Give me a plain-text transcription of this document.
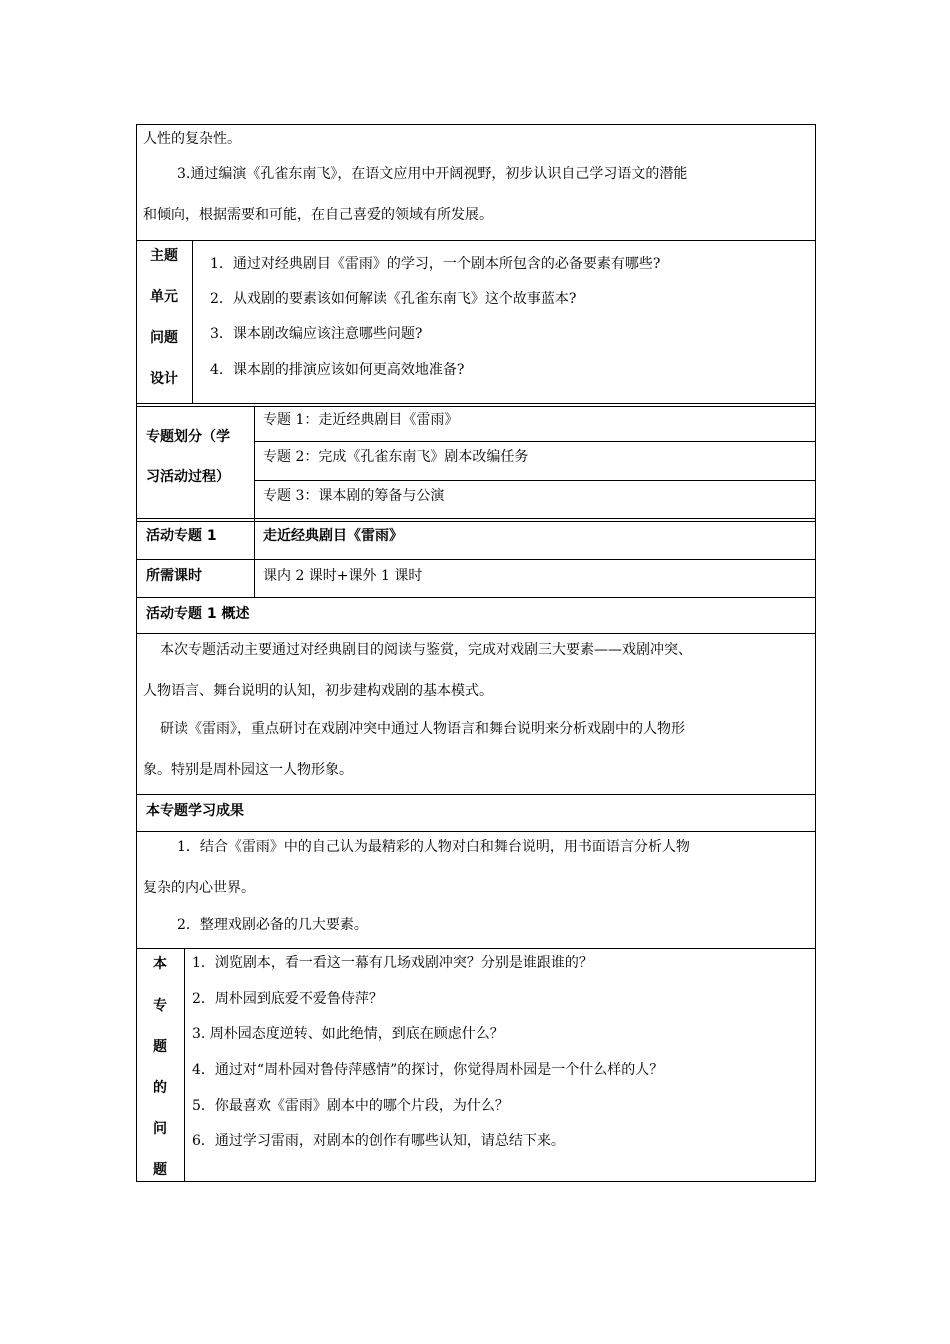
人性的复杂性。
3.通过编演《孔雀东南飞》，在语文应用中开阔视野，初步认识自己学习语文的潜能
和倾向，根据需要和可能，在自己喜爱的领域有所发展。
主题
单元
问题
设计
1．通过对经典剧目《雷雨》的学习，一个剧本所包含的必备要素有哪些?
2．从戏剧的要素该如何解读《孔雀东南飞》这个故事蓝本?
3．课本剧改编应该注意哪些问题?
4．课本剧的排演应该如何更高效地准备?
专题划分（学
习活动过程）
专题 1：走近经典剧目《雷雨》
专题 2：完成《孔雀东南飞》剧本改编任务
专题 3：课本剧的筹备与公演
活动专题 1	走近经典剧目《雷雨》
所需课时	课内 2 课时+课外 1 课时
活动专题 1 概述
本次专题活动主要通过对经典剧目的阅读与鉴赏，完成对戏剧三大要素——戏剧冲突、
人物语言、舞台说明的认知，初步建构戏剧的基本模式。
研读《雷雨》，重点研讨在戏剧冲突中通过人物语言和舞台说明来分析戏剧中的人物形
象。特别是周朴园这一人物形象。
本专题学习成果
1．结合《雷雨》中的自己认为最精彩的人物对白和舞台说明，用书面语言分析人物
复杂的内心世界。
2．整理戏剧必备的几大要素。
本
专
题
的
问
题
1．浏览剧本，看一看这一幕有几场戏剧冲突？分别是谁跟谁的？
2．周朴园到底爱不爱鲁侍萍？
3. 周朴园态度逆转、如此绝情，到底在顾虑什么？
4．通过对“周朴园对鲁侍萍感情”的探讨，你觉得周朴园是一个什么样的人？
5．你最喜欢《雷雨》剧本中的哪个片段，为什么？
6．通过学习雷雨，对剧本的创作有哪些认知，请总结下来。
